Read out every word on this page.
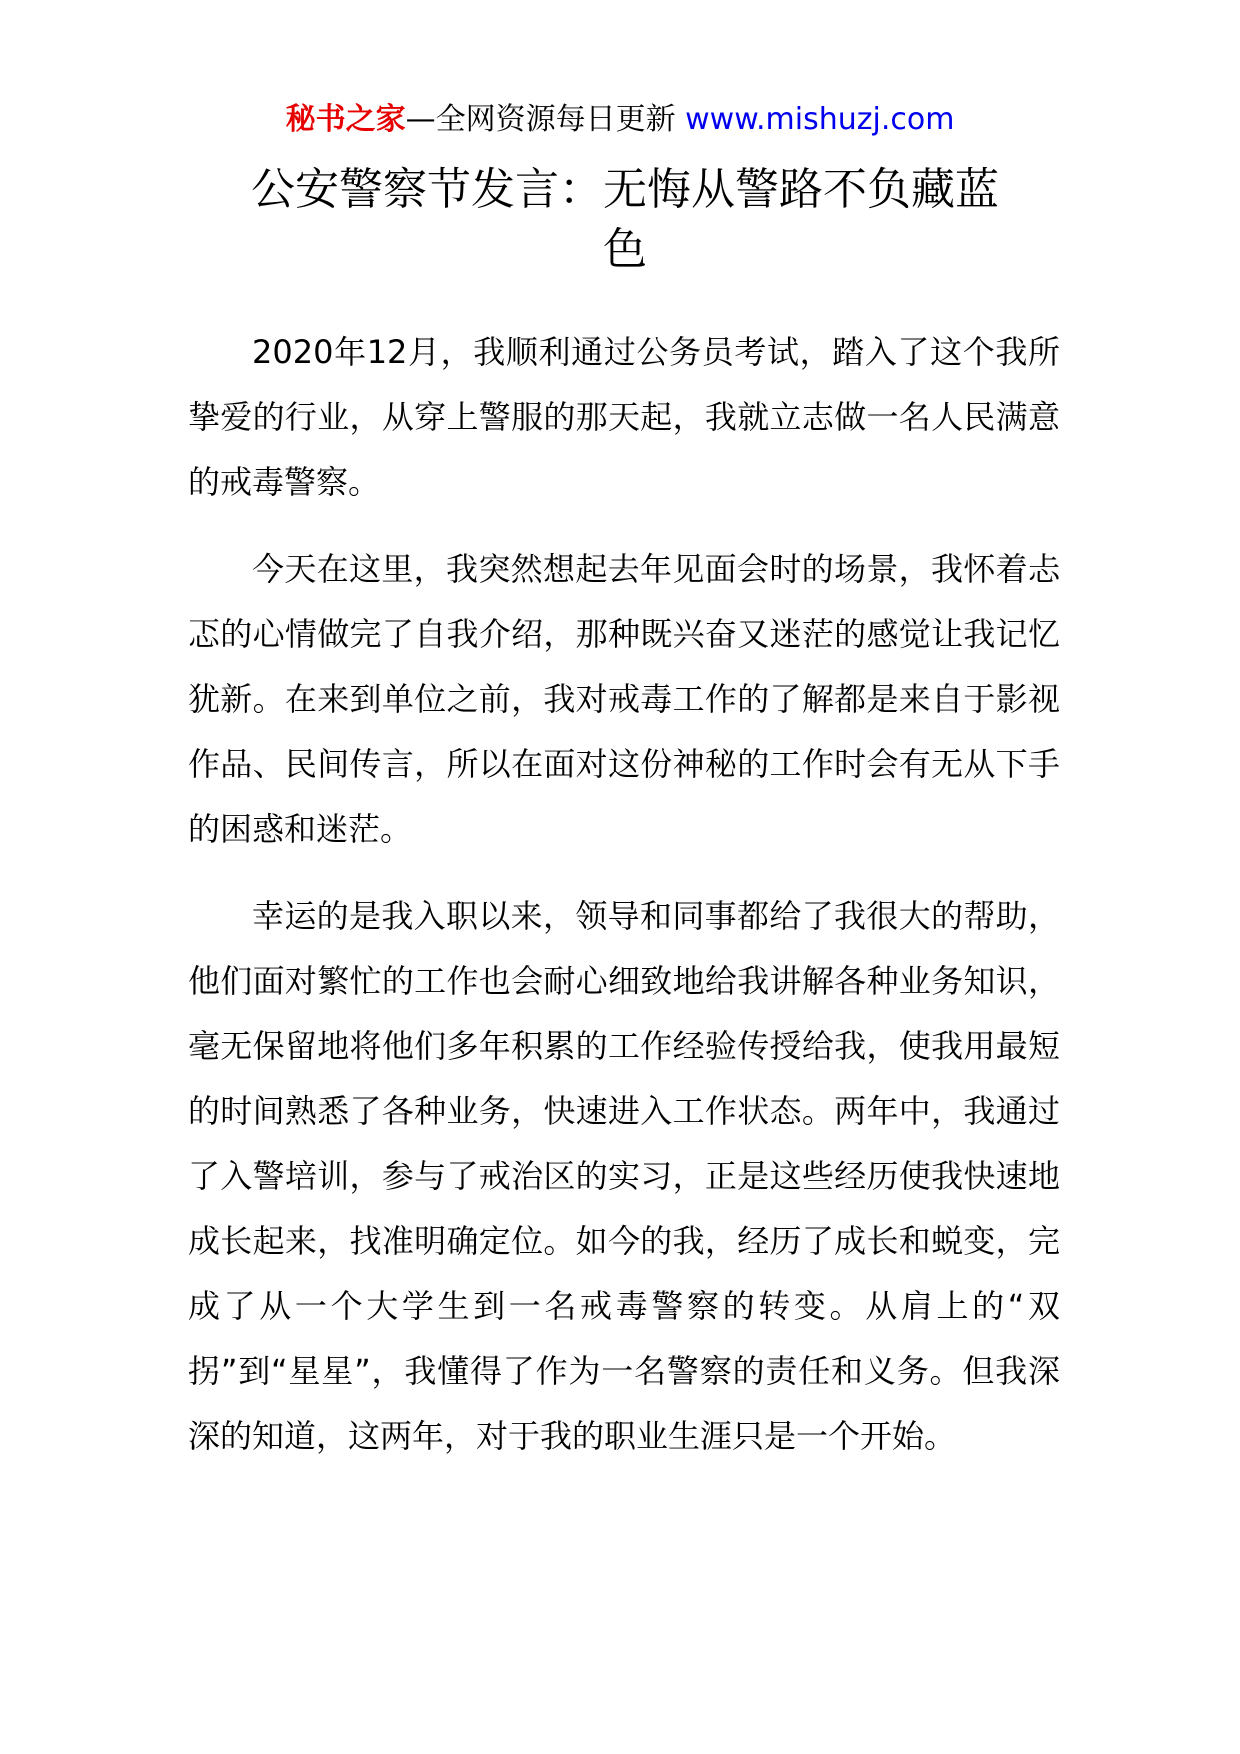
秘书之家—全网资源每日更新 www.mishuzj.com
公安警察节发言：无悔从警路不负藏蓝色

2020年12月，我顺利通过公务员考试，踏入了这个我所挚爱的行业，从穿上警服的那天起，我就立志做一名人民满意的戒毒警察。

今天在这里，我突然想起去年见面会时的场景，我怀着忐忑的心情做完了自我介绍，那种既兴奋又迷茫的感觉让我记忆犹新。在来到单位之前，我对戒毒工作的了解都是来自于影视作品、民间传言，所以在面对这份神秘的工作时会有无从下手的困惑和迷茫。

幸运的是我入职以来，领导和同事都给了我很大的帮助，他们面对繁忙的工作也会耐心细致地给我讲解各种业务知识，毫无保留地将他们多年积累的工作经验传授给我，使我用最短的时间熟悉了各种业务，快速进入工作状态。两年中，我通过了入警培训，参与了戒治区的实习，正是这些经历使我快速地成长起来，找准明确定位。如今的我，经历了成长和蜕变，完成了从一个大学生到一名戒毒警察的转变。从肩上的“双拐”到“星星”，我懂得了作为一名警察的责任和义务。但我深深的知道，这两年，对于我的职业生涯只是一个开始。
